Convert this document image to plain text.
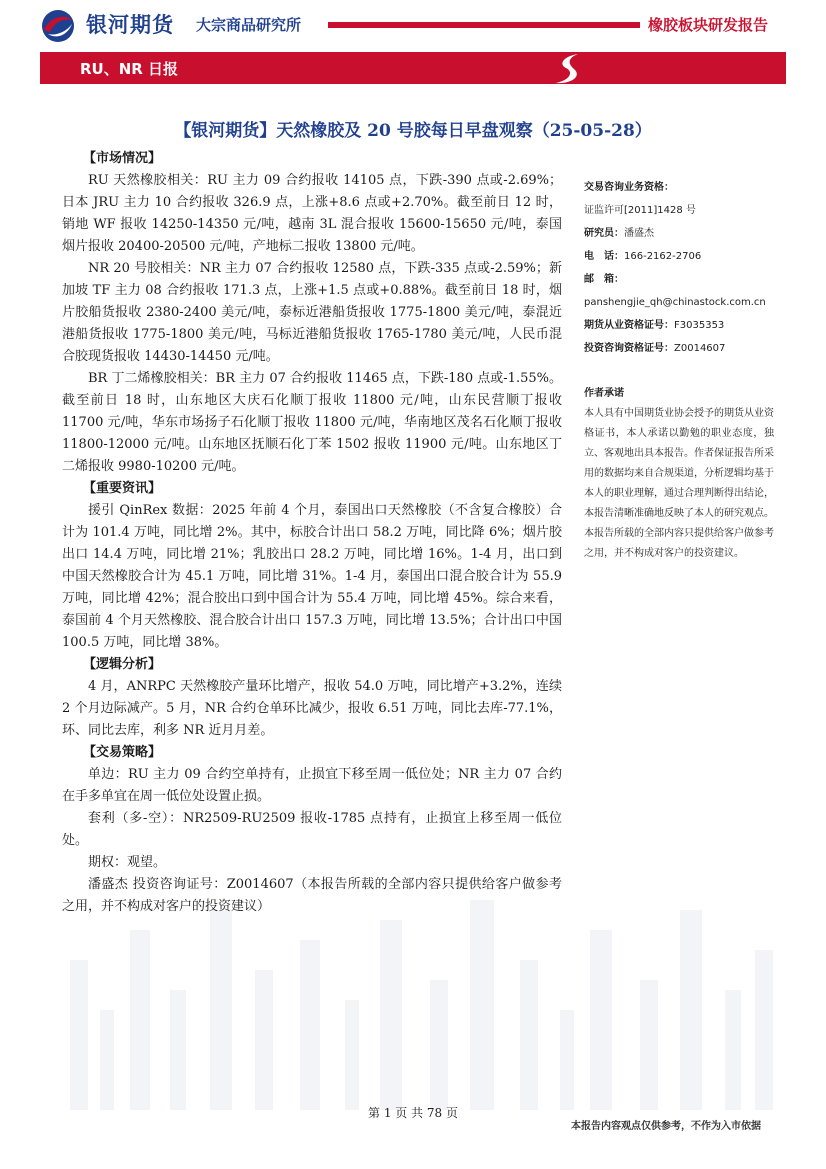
银河期货 大宗商品研究所	橡胶板块研发报告
RU、NR 日报
【银河期货】天然橡胶及 20 号胶每日早盘观察（25-05-28）
【市场情况】

RU 天然橡胶相关：RU 主力 09 合约报收 14105 点，下跌-390 点或-2.69%；日本 JRU 主力 10 合约报收 326.9 点，上涨+8.6 点或+2.70%。截至前日 12 时，销地 WF 报收 14250-14350 元/吨，越南 3L 混合报收 15600-15650 元/吨，泰国烟片报收 20400-20500 元/吨，产地标二报收 13800 元/吨。

NR 20 号胶相关：NR 主力 07 合约报收 12580 点，下跌-335 点或-2.59%；新加坡 TF 主力 08 合约报收 171.3 点，上涨+1.5 点或+0.88%。截至前日 18 时，烟片胶船货报收 2380-2400 美元/吨，泰标近港船货报收 1775-1800 美元/吨，泰混近港船货报收 1775-1800 美元/吨，马标近港船货报收 1765-1780 美元/吨，人民币混合胶现货报收 14430-14450 元/吨。

BR 丁二烯橡胶相关：BR 主力 07 合约报收 11465 点，下跌-180 点或-1.55%。截至前日 18 时，山东地区大庆石化顺丁报收 11800 元/吨，山东民营顺丁报收 11700 元/吨，华东市场扬子石化顺丁报收 11800 元/吨，华南地区茂名石化顺丁报收 11800-12000 元/吨。山东地区抚顺石化丁苯 1502 报收 11900 元/吨。山东地区丁二烯报收 9980-10200 元/吨。

【重要资讯】

援引 QinRex 数据：2025 年前 4 个月，泰国出口天然橡胶（不含复合橡胶）合计为 101.4 万吨，同比增 2%。其中，标胶合计出口 58.2 万吨，同比降 6%；烟片胶出口 14.4 万吨，同比增 21%；乳胶出口 28.2 万吨，同比增 16%。1-4 月，出口到中国天然橡胶合计为 45.1 万吨，同比增 31%。1-4 月，泰国出口混合胶合计为 55.9 万吨，同比增 42%；混合胶出口到中国合计为 55.4 万吨，同比增 45%。综合来看，泰国前 4 个月天然橡胶、混合胶合计出口 157.3 万吨，同比增 13.5%；合计出口中国 100.5 万吨，同比增 38%。

【逻辑分析】

4 月，ANRPC 天然橡胶产量环比增产，报收 54.0 万吨，同比增产+3.2%，连续 2 个月边际减产。5 月，NR 合约仓单环比减少，报收 6.51 万吨，同比去库-77.1%，环、同比去库，利多 NR 近月月差。

【交易策略】

单边：RU 主力 09 合约空单持有，止损宜下移至周一低位处；NR 主力 07 合约在手多单宜在周一低位处设置止损。

套利（多-空）：NR2509-RU2509 报收-1785 点持有，止损宜上移至周一低位处。

期权：观望。

潘盛杰 投资咨询证号：Z0014607（本报告所载的全部内容只提供给客户做参考之用，并不构成对客户的投资建议）

交易咨询业务资格：
证监许可[2011]1428 号
研究员：潘盛杰
电　话：166-2162-2706
邮　箱：
panshengjie_qh@chinastock.com.cn
期货从业资格证号：F3035353
投资咨询资格证号：Z0014607
作者承诺
本人具有中国期货业协会授予的期货从业资格证书，本人承诺以勤勉的职业态度，独立、客观地出具本报告。作者保证报告所采用的数据均来自合规渠道，分析逻辑均基于本人的职业理解，通过合理判断得出结论，本报告清晰准确地反映了本人的研究观点。本报告所载的全部内容只提供给客户做参考之用，并不构成对客户的投资建议。
第 1 页 共 78 页
本报告内容观点仅供参考，不作为入市依据
